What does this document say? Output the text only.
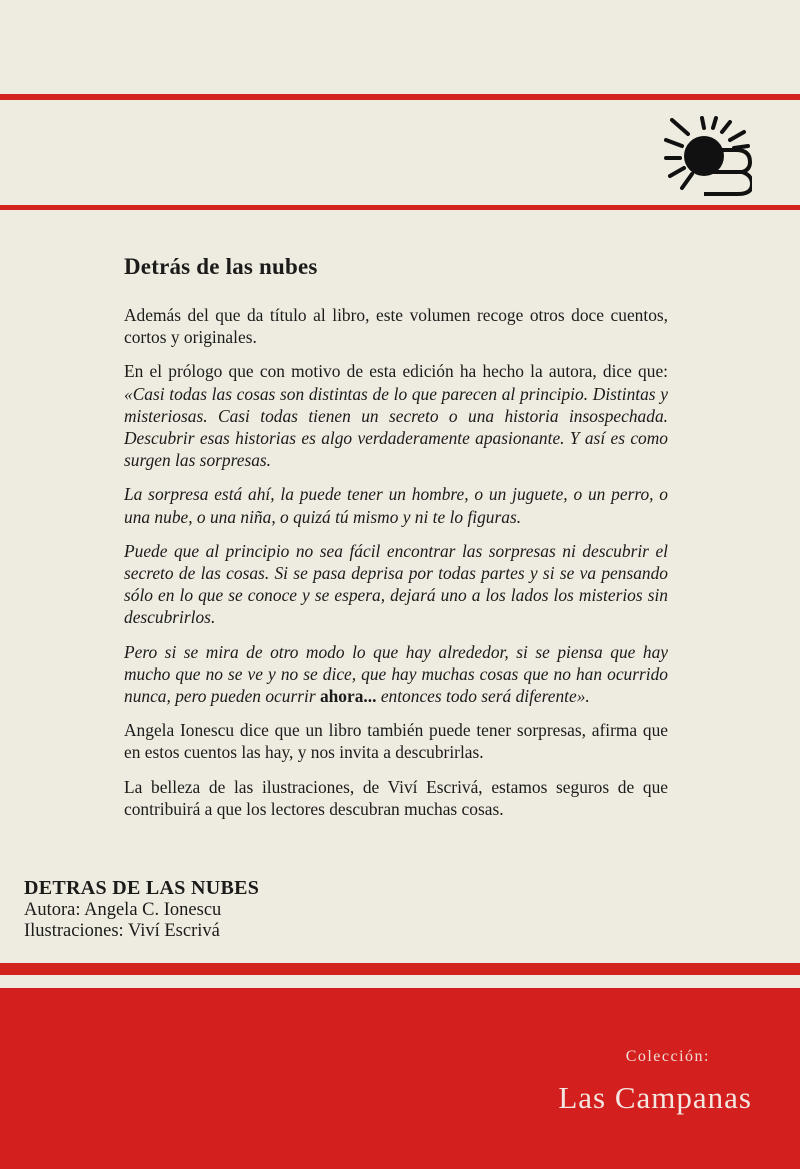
Detrás de las nubes

Además del que da título al libro, este volumen recoge otros doce cuentos, cortos y originales.

En el prólogo que con motivo de esta edición ha hecho la autora, dice que: «Casi todas las cosas son distintas de lo que parecen al principio. Distintas y misteriosas. Casi todas tienen un secreto o una historia insospechada. Descubrir esas historias es algo verdaderamente apasionante. Y así es como surgen las sorpresas.

La sorpresa está ahí, la puede tener un hombre, o un juguete, o un perro, o una nube, o una niña, o quizá tú mismo y ni te lo figuras.

Puede que al principio no sea fácil encontrar las sorpresas ni descubrir el secreto de las cosas. Si se pasa deprisa por todas partes y si se va pensando sólo en lo que se conoce y se espera, dejará uno a los lados los misterios sin descubrirlos.

Pero si se mira de otro modo lo que hay alrededor, si se piensa que hay mucho que no se ve y no se dice, que hay muchas cosas que no han ocurrido nunca, pero pueden ocurrir ahora... entonces todo será diferente».

Angela Ionescu dice que un libro también puede tener sorpresas, afirma que en estos cuentos las hay, y nos invita a descubrirlas.

La belleza de las ilustraciones, de Viví Escrivá, estamos seguros de que contribuirá a que los lectores descubran muchas cosas.

DETRAS DE LAS NUBES
Autora: Angela C. Ionescu
Ilustraciones: Viví Escrivá
Colección:
Las Campanas
